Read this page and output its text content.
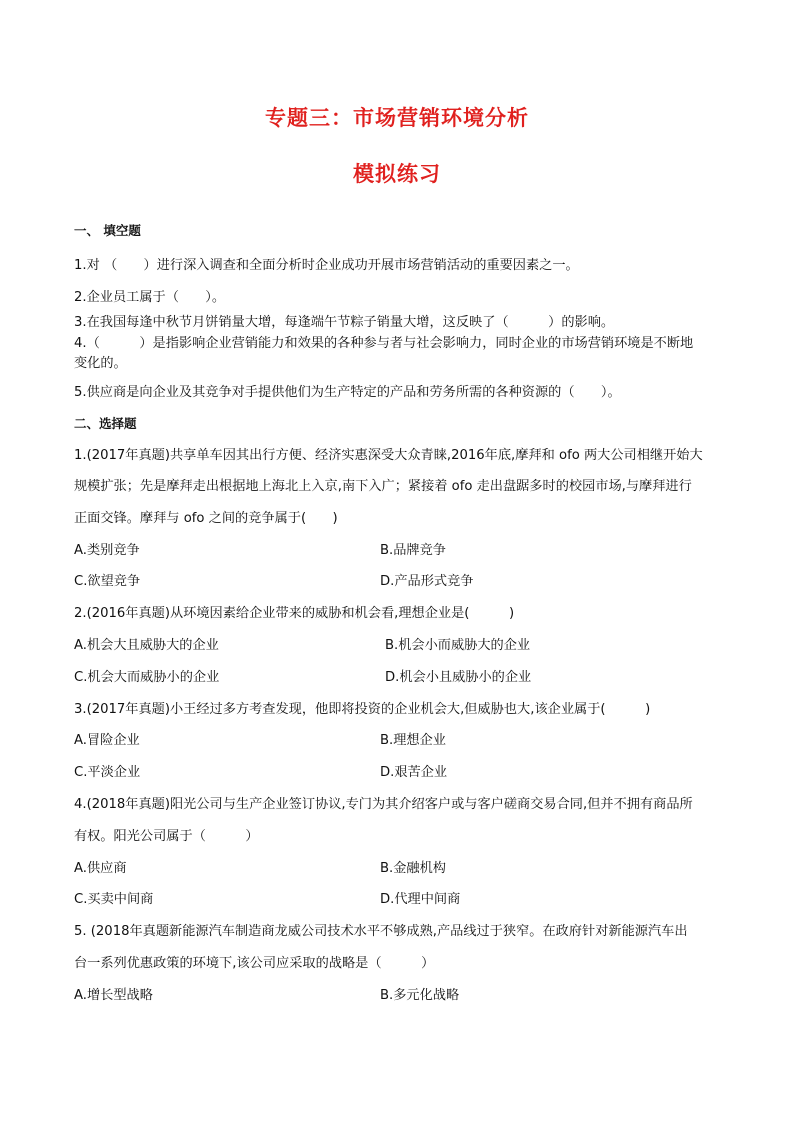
专题三：市场营销环境分析
模拟练习
一、 填空题
1.对 （　　）进行深入调查和全面分析时企业成功开展市场营销活动的重要因素之一。
2.企业员工属于（　　）。
3.在我国每逢中秋节月饼销量大增，每逢端午节粽子销量大增，这反映了（　　　）的影响。
4.（　　　）是指影响企业营销能力和效果的各种参与者与社会影响力，同时企业的市场营销环境是不断地
变化的。
5.供应商是向企业及其竞争对手提供他们为生产特定的产品和劳务所需的各种资源的（　　）。
二、选择题
1.(2017年真题)共享单车因其出行方便、经济实惠深受大众青睐,2016年底,摩拜和 ofo 两大公司相继开始大
规模扩张；先是摩拜走出根据地上海北上入京,南下入广；紧接着 ofo 走出盘踞多时的校园市场,与摩拜进行
正面交锋。摩拜与 ofo 之间的竞争属于(　　)
A.类别竞争	B.品牌竞争
C.欲望竞争	D.产品形式竞争
2.(2016年真题)从环境因素给企业带来的威胁和机会看,理想企业是(　　　)
A.机会大且威胁大的企业	B.机会小而威胁大的企业
C.机会大而威胁小的企业	D.机会小且威胁小的企业
3.(2017年真题)小王经过多方考查发现，他即将投资的企业机会大,但威胁也大,该企业属于(　　　)
A.冒险企业	B.理想企业
C.平淡企业	D.艰苦企业
4.(2018年真题)阳光公司与生产企业签订协议,专门为其介绍客户或与客户磋商交易合同,但并不拥有商品所
有权。阳光公司属于（　　　）
A.供应商	B.金融机构
C.买卖中间商	D.代理中间商
5. (2018年真题新能源汽车制造商龙威公司技术水平不够成熟,产品线过于狭窄。在政府针对新能源汽车出
台一系列优惠政策的环境下,该公司应采取的战略是（　　　）
A.增长型战略	B.多元化战略
